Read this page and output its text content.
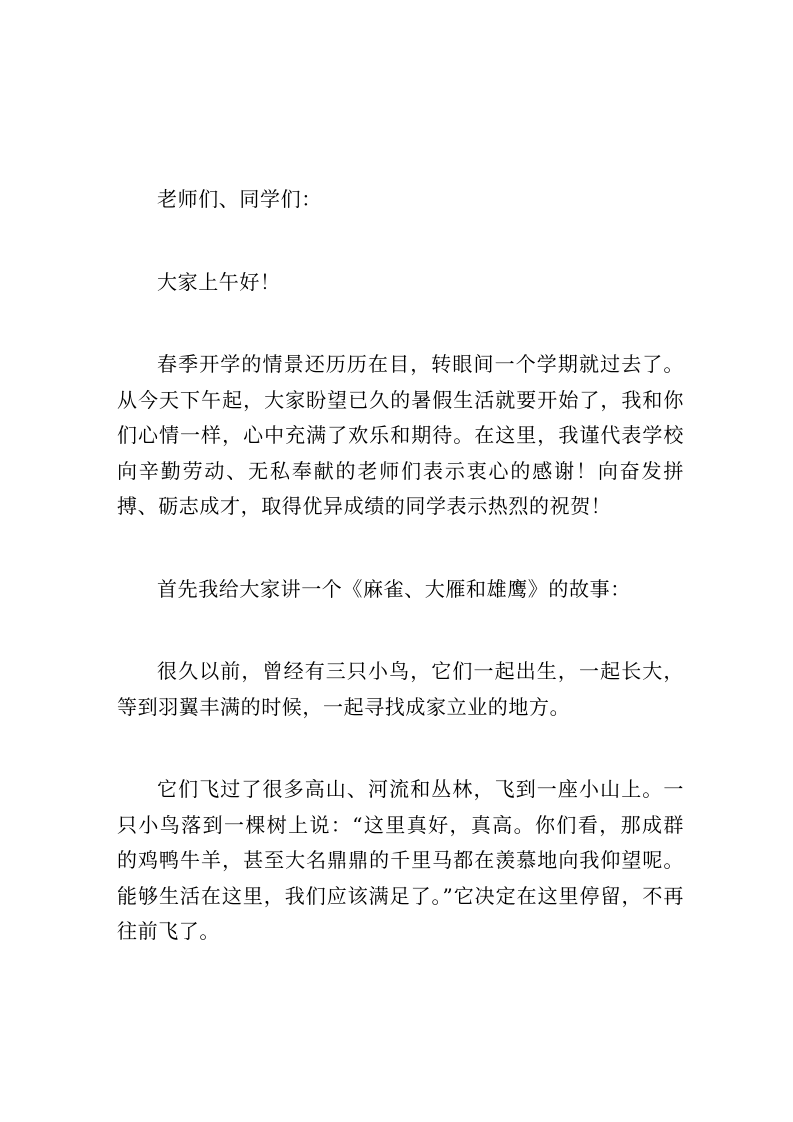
老师们、同学们：

大家上午好！

春季开学的情景还历历在目，转眼间一个学期就过去了。从今天下午起，大家盼望已久的暑假生活就要开始了，我和你们心情一样，心中充满了欢乐和期待。在这里，我谨代表学校向辛勤劳动、无私奉献的老师们表示衷心的感谢！向奋发拼搏、砺志成才，取得优异成绩的同学表示热烈的祝贺！

首先我给大家讲一个《麻雀、大雁和雄鹰》的故事：

很久以前，曾经有三只小鸟，它们一起出生，一起长大，等到羽翼丰满的时候，一起寻找成家立业的地方。

它们飞过了很多高山、河流和丛林，飞到一座小山上。一只小鸟落到一棵树上说：“这里真好，真高。你们看，那成群的鸡鸭牛羊，甚至大名鼎鼎的千里马都在羡慕地向我仰望呢。能够生活在这里，我们应该满足了。”它决定在这里停留，不再往前飞了。
